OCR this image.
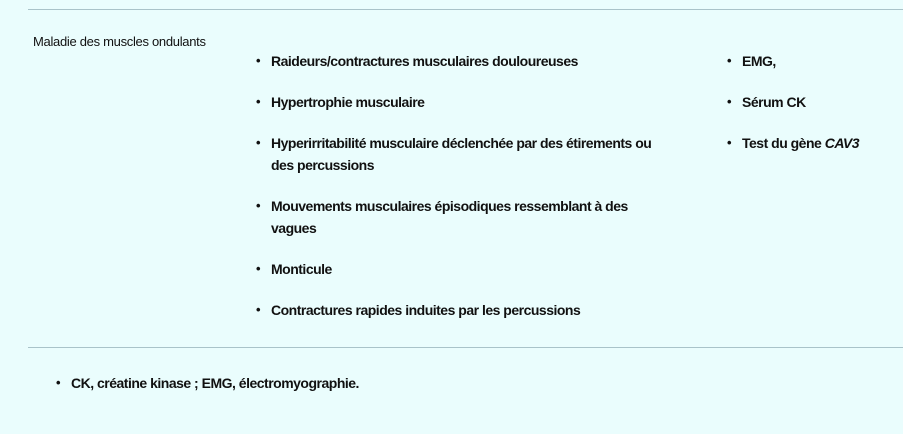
Maladie des muscles ondulants
• Raideurs/contractures musculaires douloureuses
• Hypertrophie musculaire
• Hyperirritabilité musculaire déclenchée par des étirements ou des percussions
• Mouvements musculaires épisodiques ressemblant à des vagues
• Monticule
• Contractures rapides induites par les percussions
• EMG,
• Sérum CK
• Test du gène CAV3
• CK, créatine kinase ; EMG, électromyographie.
